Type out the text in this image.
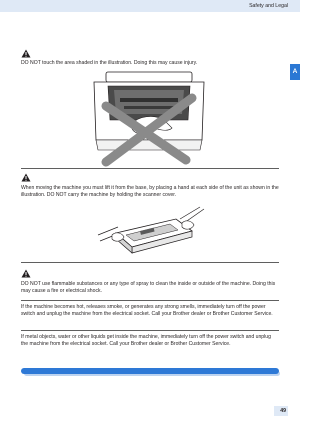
Safety and Legal
A

DO NOT touch the area shaded in the illustration. Doing this may cause injury.

When moving the machine you must lift it from the base, by placing a hand at each side of the unit as shown in the illustration. DO NOT carry the machine by holding the scanner cover.

DO NOT use flammable substances or any type of spray to clean the inside or outside of the machine. Doing this may cause a fire or electrical shock.

If the machine becomes hot, releases smoke, or generates any strong smells, immediately turn off the power switch and unplug the machine from the electrical socket. Call your Brother dealer or Brother Customer Service.

If metal objects, water or other liquids get inside the machine, immediately turn off the power switch and unplug the machine from the electrical socket. Call your Brother dealer or Brother Customer Service.

49
